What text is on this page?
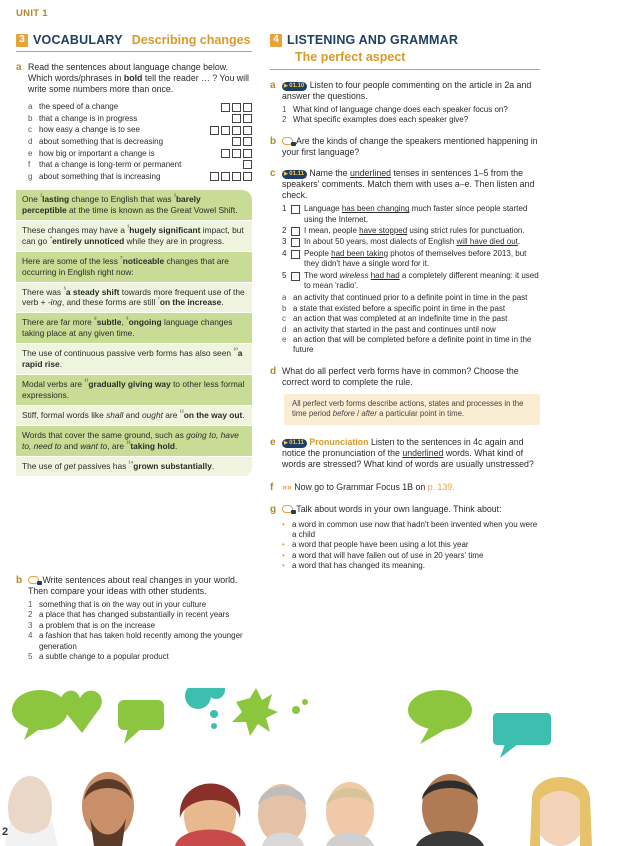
UNIT 1
3 VOCABULARY Describing changes
a Read the sentences about language change below. Which words/phrases in bold tell the reader … ? You will write some numbers more than once.
a the speed of a change
b that a change is in progress
c how easy a change is to see
d about something that is decreasing
e how big or important a change is
f	that a change is long-term or permanent
g about something that is increasing
One $^{^1}$lasting change to English that was $^{^2}$barely perceptible at the time is known as the Great Vowel Shift.
These changes may have a $^{^3}$hugely significant impact, but can go $^{^4}$entirely unnoticed while they are in progress.
Here are some of the less $^{^5}$noticeable changes that are occurring in English right now:
There was $^{^6}$a steady shift towards more frequent use of the verb + -ing, and these forms are still $^{^7}$on the increase.
There are far more $^{^8}$subtle, $^{^9}$ongoing language changes taking place at any given time.
The use of continuous passive verb forms has also seen $^{^{10}}$a rapid rise.
Modal verbs are $^{^{11}}$gradually giving way to other less formal expressions.
Stiff, formal words like shall and ought are $^{^{12}}$on the way out.
Words that cover the same ground, such as going to, have to, need to and want to, are $^{^{13}}$taking hold.
The use of get passives has $^{^{14}}$grown substantially.
b	Write sentences about real changes in your world. Then compare your ideas with other students.
1 something that is on the way out in your culture
2 a place that has changed substantially in recent years
3 a problem that is on the increase
4 a fashion that has taken hold recently among the younger generation
5 a subtle change to a popular product
4 LISTENING AND GRAMMAR
The perfect aspect
a	▶ 01.10 Listen to four people commenting on the article in 2a and answer the questions.
1 What kind of language change does each speaker focus on?
2 What specific examples does each speaker give?
b	Are the kinds of change the speakers mentioned happening in your first language?
c	▶ 01.11 Name the underlined tenses in sentences 1–5 from the speakers' comments. Match them with uses a–e. Then listen and check.
1	Language has been changing much faster since people started using the Internet.
2	I mean, people have stopped using strict rules for punctuation.
3	In about 50 years, most dialects of English will have died out.
4	People had been taking photos of themselves before 2013, but they didn't have a single word for it.
5	The word wireless had had a completely different meaning: it used to mean 'radio'.
a an activity that continued prior to a definite point in time in the past
b a state that existed before a specific point in time in the past
c an action that was completed at an indefinite time in the past
d an activity that started in the past and continues until now
e an action that will be completed before a definite point in time in the future
d What do all perfect verb forms have in common? Choose the correct word to complete the rule.
All perfect verb forms describe actions, states and processes in the time period before / after a particular point in time.
e	▶ 01.11 Pronunciation Listen to the sentences in 4c again and notice the pronunciation of the underlined words. What kind of words are stressed? What kind of words are usually unstressed?
f »» Now go to Grammar Focus 1B on p. 139.
g	Talk about words in your own language. Think about:
• a word in common use now that hadn't been invented when you were a child
• a word that people have been using a lot this year
• a word that will have fallen out of use in 20 years' time
• a word that has changed its meaning.
2
